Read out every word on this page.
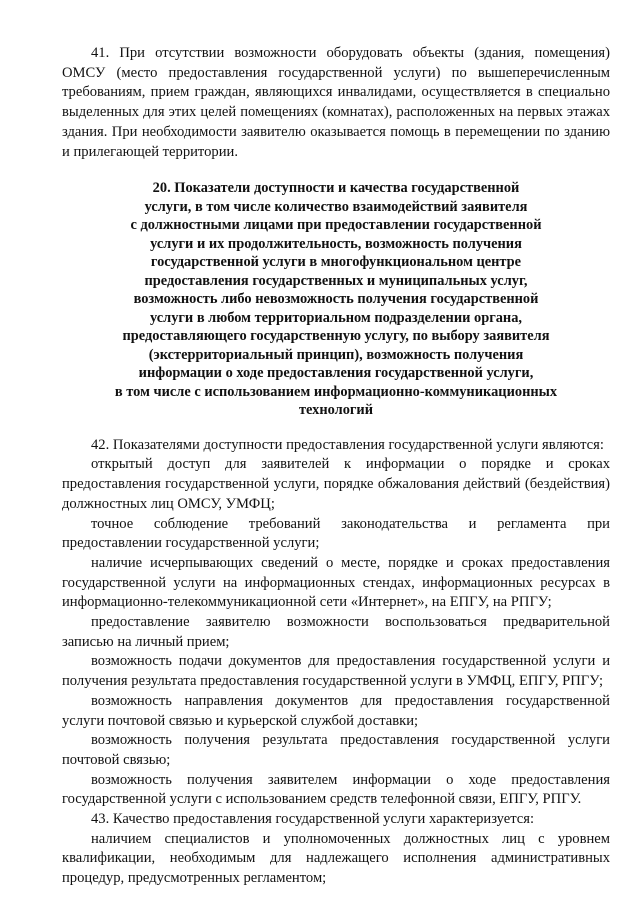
41. При отсутствии возможности оборудовать объекты (здания, помещения) ОМСУ (место предоставления государственной услуги) по вышеперечисленным требованиям, прием граждан, являющихся инвалидами, осуществляется в специально выделенных для этих целей помещениях (комнатах), расположенных на первых этажах здания. При необходимости заявителю оказывается помощь в перемещении по зданию и прилегающей территории.

20. Показатели доступности и качества государственной
услуги, в том числе количество взаимодействий заявителя
с должностными лицами при предоставлении государственной
услуги и их продолжительность, возможность получения
государственной услуги в многофункциональном центре
предоставления государственных и муниципальных услуг,
возможность либо невозможность получения государственной
услуги в любом территориальном подразделении органа,
предоставляющего государственную услугу, по выбору заявителя
(экстерриториальный принцип), возможность получения
информации о ходе предоставления государственной услуги,
в том числе с использованием информационно-коммуникационных
технологий

42. Показателями доступности предоставления государственной услуги являются:

открытый доступ для заявителей к информации о порядке и сроках предоставления государственной услуги, порядке обжалования действий (бездействия) должностных лиц ОМСУ, УМФЦ;

точное соблюдение требований законодательства и регламента при предоставлении государственной услуги;

наличие исчерпывающих сведений о месте, порядке и сроках предоставления государственной услуги на информационных стендах, информационных ресурсах в информационно-телекоммуникационной сети «Интернет», на ЕПГУ, на РПГУ;

предоставление заявителю возможности воспользоваться предварительной записью на личный прием;

возможность подачи документов для предоставления государственной услуги и получения результата предоставления государственной услуги в УМФЦ, ЕПГУ, РПГУ;

возможность направления документов для предоставления государственной услуги почтовой связью и курьерской службой доставки;

возможность получения результата предоставления государственной услуги почтовой связью;

возможность получения заявителем информации о ходе предоставления государственной услуги с использованием средств телефонной связи, ЕПГУ, РПГУ.

43. Качество предоставления государственной услуги характеризуется:

наличием специалистов и уполномоченных должностных лиц с уровнем квалификации, необходимым для надлежащего исполнения административных процедур, предусмотренных регламентом;
